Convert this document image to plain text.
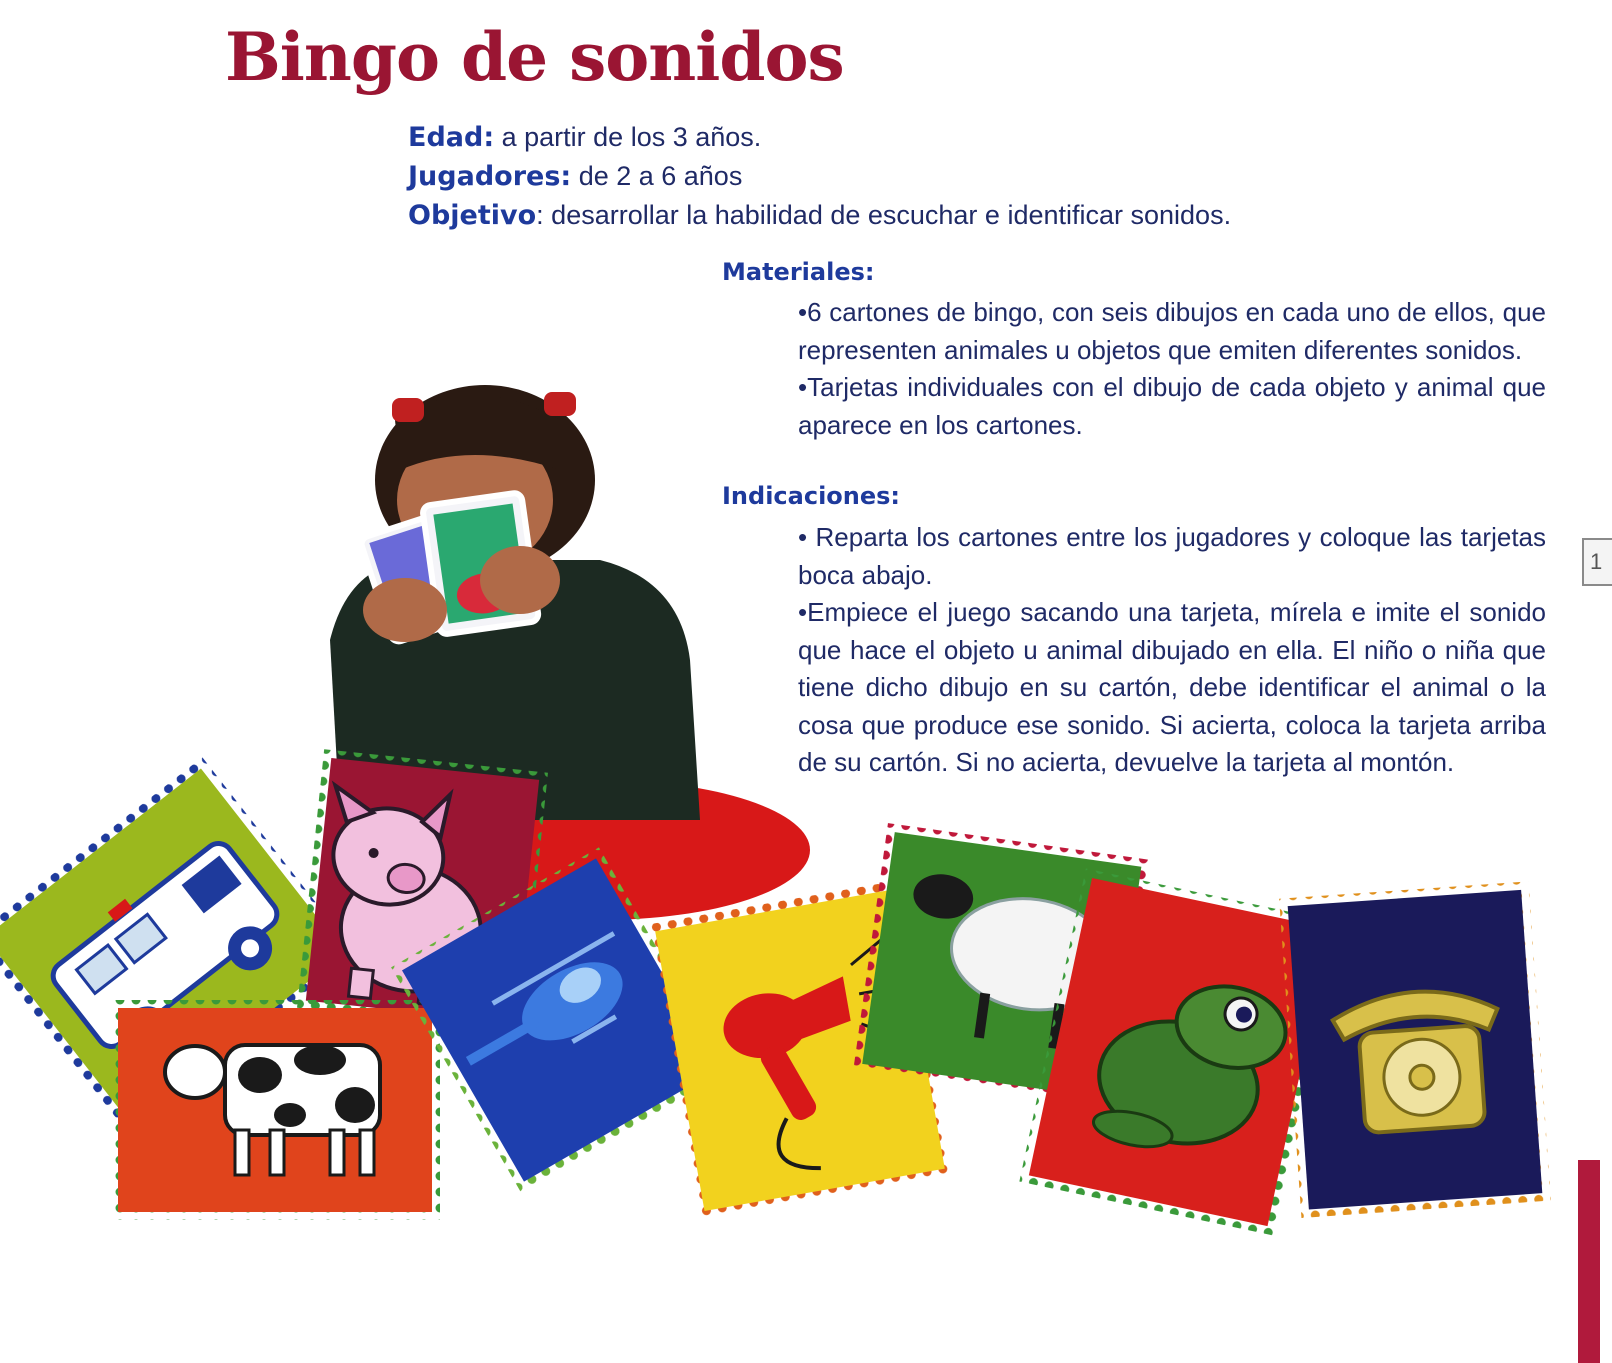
Bingo de sonidos
Edad: a partir de los 3 años.
Jugadores: de 2 a 6 años
Objetivo: desarrollar la habilidad de escuchar e identificar sonidos.
Materiales:

•6 cartones de bingo, con seis dibujos en cada uno de ellos, que representen animales u objetos que emiten diferentes sonidos.

•Tarjetas individuales con el dibujo de cada objeto y animal que aparece en los cartones.

Indicaciones:

• Reparta los cartones entre los jugadores y coloque las tarjetas boca abajo.

•Empiece el juego sacando una tarjeta, mírela e imite el sonido que hace el objeto u animal dibujado en ella. El niño o niña que tiene dicho dibujo en su cartón, debe identificar el animal o la cosa que produce ese sonido. Si acierta, coloca la tarjeta arriba de su cartón. Si no acierta, devuelve la tarjeta al montón.

1
